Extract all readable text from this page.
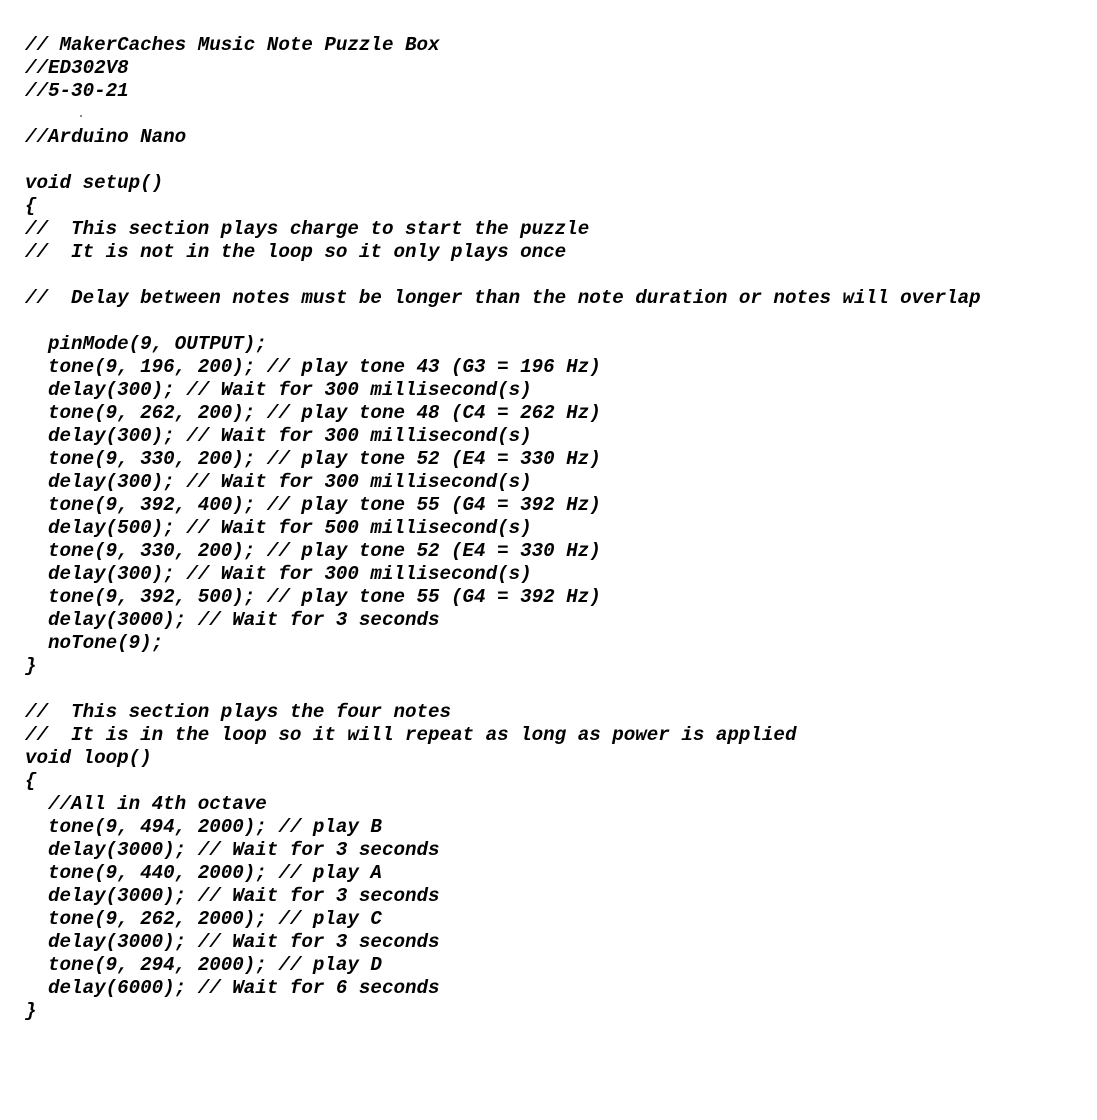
// MakerCaches Music Note Puzzle Box
//ED302V8
//5-30-21
//Arduino Nano
void setup()
{
//  This section plays charge to start the puzzle
//  It is not in the loop so it only plays once
//  Delay between notes must be longer than the note duration or notes will overlap
pinMode(9, OUTPUT);
tone(9, 196, 200); // play tone 43 (G3 = 196 Hz)
delay(300); // Wait for 300 millisecond(s)
tone(9, 262, 200); // play tone 48 (C4 = 262 Hz)
delay(300); // Wait for 300 millisecond(s)
tone(9, 330, 200); // play tone 52 (E4 = 330 Hz)
delay(300); // Wait for 300 millisecond(s)
tone(9, 392, 400); // play tone 55 (G4 = 392 Hz)
delay(500); // Wait for 500 millisecond(s)
tone(9, 330, 200); // play tone 52 (E4 = 330 Hz)
delay(300); // Wait for 300 millisecond(s)
tone(9, 392, 500); // play tone 55 (G4 = 392 Hz)
delay(3000); // Wait for 3 seconds
noTone(9);
}
//  This section plays the four notes
//  It is in the loop so it will repeat as long as power is applied
void loop()
{
//All in 4th octave
tone(9, 494, 2000); // play B
delay(3000); // Wait for 3 seconds
tone(9, 440, 2000); // play A
delay(3000); // Wait for 3 seconds
tone(9, 262, 2000); // play C
delay(3000); // Wait for 3 seconds
tone(9, 294, 2000); // play D
delay(6000); // Wait for 6 seconds
}
